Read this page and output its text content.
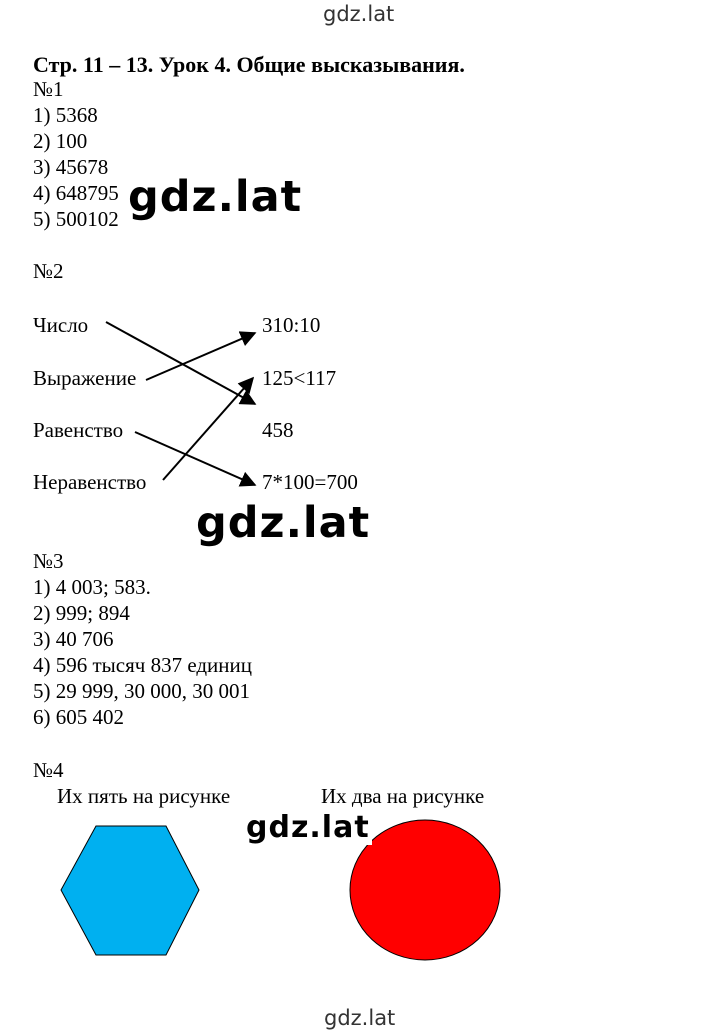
gdz.lat
gdz.lat
gdz.lat
gdz.lat
Стр. 11 – 13. Урок 4. Общие высказывания.
№1
1) 5368
2) 100
3) 45678
4) 648795
5) 500102
№2
Число
Выражение
Равенство
Неравенство
310:10
125<117
458
7*100=700
№3
1) 4 003; 583.
2) 999; 894
3) 40 706
4) 596 тысяч 837 единиц
5) 29 999, 30 000, 30 001
6) 605 402
№4
Их пять на рисунке	Их два на рисунке
gdz.lat
